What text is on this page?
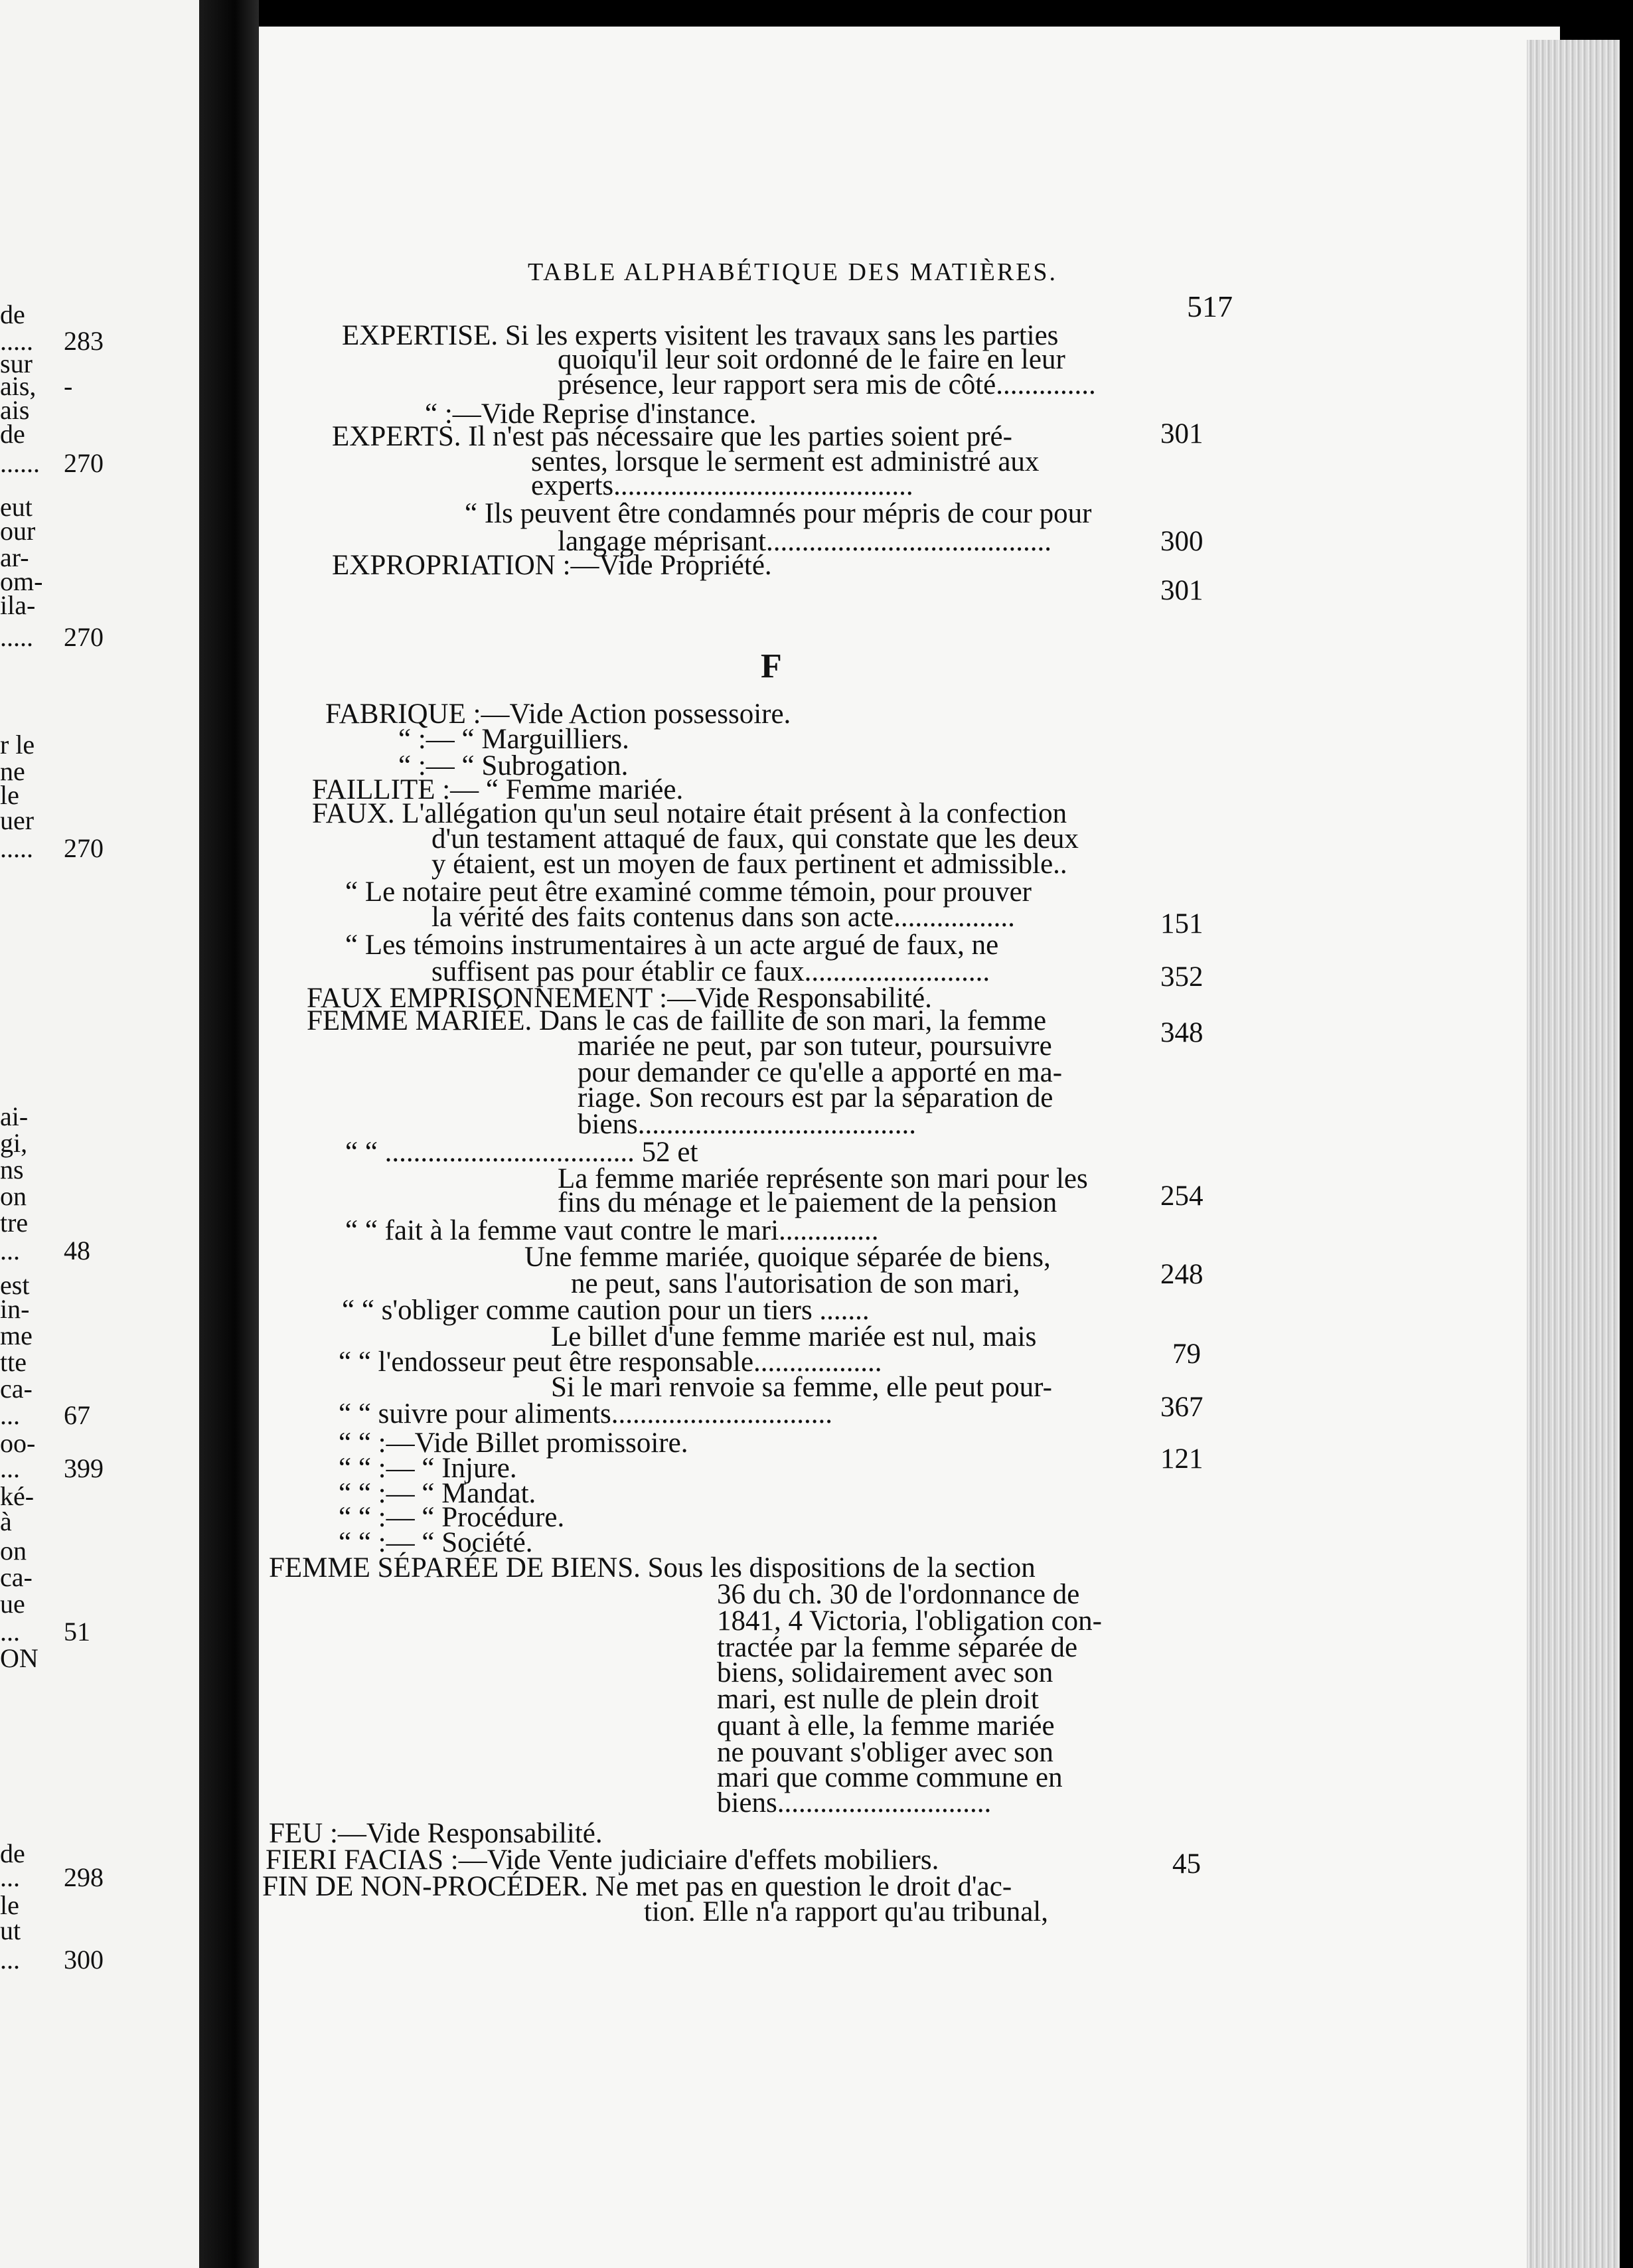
de
..... 283
sur
ais, -
ais
de
...... 270
eut
our
ar-
om-
ila-
..... 270
r le
ne
le
uer
..... 270
ai-
gi,
ns
on
tre
... 48
est
in-
me
tte
ca-
... 67
oo-
... 399
ké-
à
on
ca-
ue
... 51
ON
de
... 298
le
ut
... 300
TABLE ALPHABÉTIQUE DES MATIÈRES.
517
F
EXPERTISE. Si les experts visitent les travaux sans les parties
quoiqu'il leur soit ordonné de le faire en leur
présence, leur rapport sera mis de côté..............
301
“ :—Vide Reprise d'instance.
EXPERTS. Il n'est pas nécessaire que les parties soient pré-
sentes, lorsque le serment est administré aux
experts..........................................
“ Ils peuvent être condamnés pour mépris de cour pour
300
langage méprisant........................................
EXPROPRIATION :—Vide Propriété.
301
FABRIQUE :—Vide Action possessoire.
“ :— “ Marguilliers.
“ :— “ Subrogation.
FAILLITE :— “ Femme mariée.
FAUX. L'allégation qu'un seul notaire était présent à la confection
d'un testament attaqué de faux, qui constate que les deux
y étaient, est un moyen de faux pertinent et admissible..
151
“ Le notaire peut être examiné comme témoin, pour prouver
la vérité des faits contenus dans son acte.................
352
“ Les témoins instrumentaires à un acte argué de faux, ne
suffisent pas pour établir ce faux..........................
348
FAUX EMPRISONNEMENT :—Vide Responsabilité.
FEMME MARIÉE. Dans le cas de faillite de son mari, la femme
mariée ne peut, par son tuteur, poursuivre
pour demander ce qu'elle a apporté en ma-
riage. Son recours est par la séparation de
biens.......................................
“ “ ................................... 52 et
254
La femme mariée représente son mari pour les
fins du ménage et le paiement de la pension
“ “ fait à la femme vaut contre le mari..............
248
Une femme mariée, quoique séparée de biens,
ne peut, sans l'autorisation de son mari,
“ “ s'obliger comme caution pour un tiers .......
79
Le billet d'une femme mariée est nul, mais
“ “ l'endosseur peut être responsable..................
367
Si le mari renvoie sa femme, elle peut pour-
“ “ suivre pour aliments...............................
121
“ “ :—Vide Billet promissoire.
“ “ :— “ Injure.
“ “ :— “ Mandat.
“ “ :— “ Procédure.
“ “ :— “ Société.
FEMME SÉPARÉE DE BIENS. Sous les dispositions de la section
36 du ch. 30 de l'ordonnance de
1841, 4 Victoria, l'obligation con-
tractée par la femme séparée de
biens, solidairement avec son
mari, est nulle de plein droit
quant à elle, la femme mariée
ne pouvant s'obliger avec son
mari que comme commune en
biens..............................
45
FEU :—Vide Responsabilité.
FIERI FACIAS :—Vide Vente judiciaire d'effets mobiliers.
FIN DE NON-PROCÉDER. Ne met pas en question le droit d'ac-
tion. Elle n'a rapport qu'au tribunal,
